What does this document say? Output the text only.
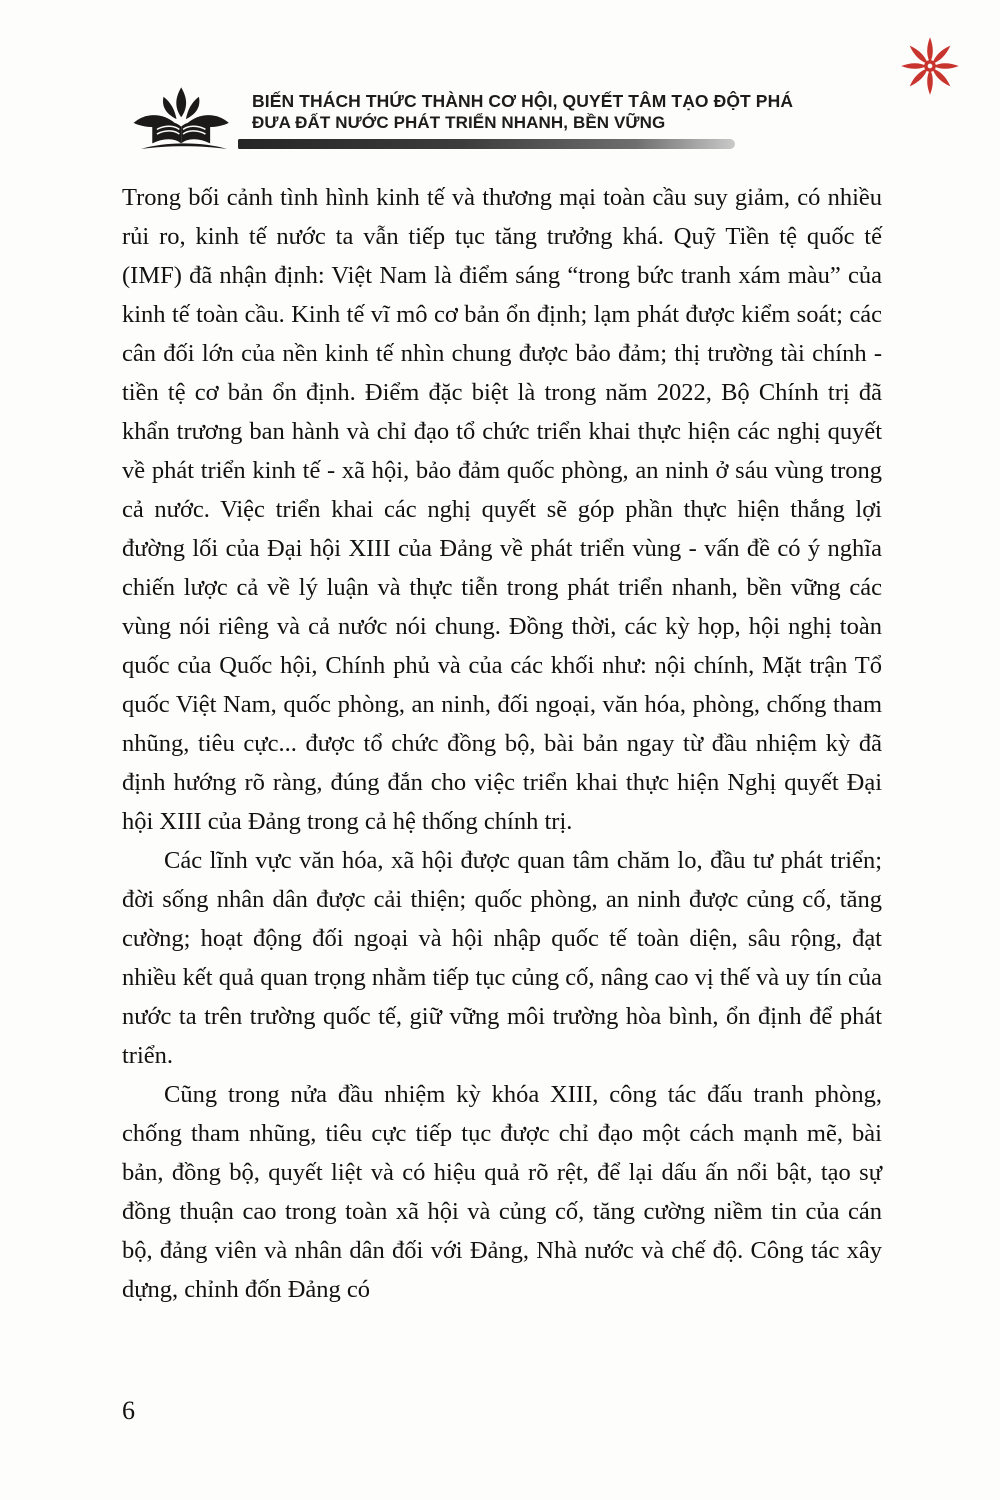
BIẾN THÁCH THỨC THÀNH CƠ HỘI, QUYẾT TÂM TẠO ĐỘT PHÁ
ĐƯA ĐẤT NƯỚC PHÁT TRIỂN NHANH, BỀN VỮNG

Trong bối cảnh tình hình kinh tế và thương mại toàn cầu suy giảm, có nhiều rủi ro, kinh tế nước ta vẫn tiếp tục tăng trưởng khá. Quỹ Tiền tệ quốc tế (IMF) đã nhận định: Việt Nam là điểm sáng “trong bức tranh xám màu” của kinh tế toàn cầu. Kinh tế vĩ mô cơ bản ổn định; lạm phát được kiểm soát; các cân đối lớn của nền kinh tế nhìn chung được bảo đảm; thị trường tài chính - tiền tệ cơ bản ổn định. Điểm đặc biệt là trong năm 2022, Bộ Chính trị đã khẩn trương ban hành và chỉ đạo tổ chức triển khai thực hiện các nghị quyết về phát triển kinh tế - xã hội, bảo đảm quốc phòng, an ninh ở sáu vùng trong cả nước. Việc triển khai các nghị quyết sẽ góp phần thực hiện thắng lợi đường lối của Đại hội XIII của Đảng về phát triển vùng - vấn đề có ý nghĩa chiến lược cả về lý luận và thực tiễn trong phát triển nhanh, bền vững các vùng nói riêng và cả nước nói chung. Đồng thời, các kỳ họp, hội nghị toàn quốc của Quốc hội, Chính phủ và của các khối như: nội chính, Mặt trận Tổ quốc Việt Nam, quốc phòng, an ninh, đối ngoại, văn hóa, phòng, chống tham nhũng, tiêu cực... được tổ chức đồng bộ, bài bản ngay từ đầu nhiệm kỳ đã định hướng rõ ràng, đúng đắn cho việc triển khai thực hiện Nghị quyết Đại hội XIII của Đảng trong cả hệ thống chính trị.

Các lĩnh vực văn hóa, xã hội được quan tâm chăm lo, đầu tư phát triển; đời sống nhân dân được cải thiện; quốc phòng, an ninh được củng cố, tăng cường; hoạt động đối ngoại và hội nhập quốc tế toàn diện, sâu rộng, đạt nhiều kết quả quan trọng nhằm tiếp tục củng cố, nâng cao vị thế và uy tín của nước ta trên trường quốc tế, giữ vững môi trường hòa bình, ổn định để phát triển.

Cũng trong nửa đầu nhiệm kỳ khóa XIII, công tác đấu tranh phòng, chống tham nhũng, tiêu cực tiếp tục được chỉ đạo một cách mạnh mẽ, bài bản, đồng bộ, quyết liệt và có hiệu quả rõ rệt, để lại dấu ấn nổi bật, tạo sự đồng thuận cao trong toàn xã hội và củng cố, tăng cường niềm tin của cán bộ, đảng viên và nhân dân đối với Đảng, Nhà nước và chế độ. Công tác xây dựng, chỉnh đốn Đảng có

6
